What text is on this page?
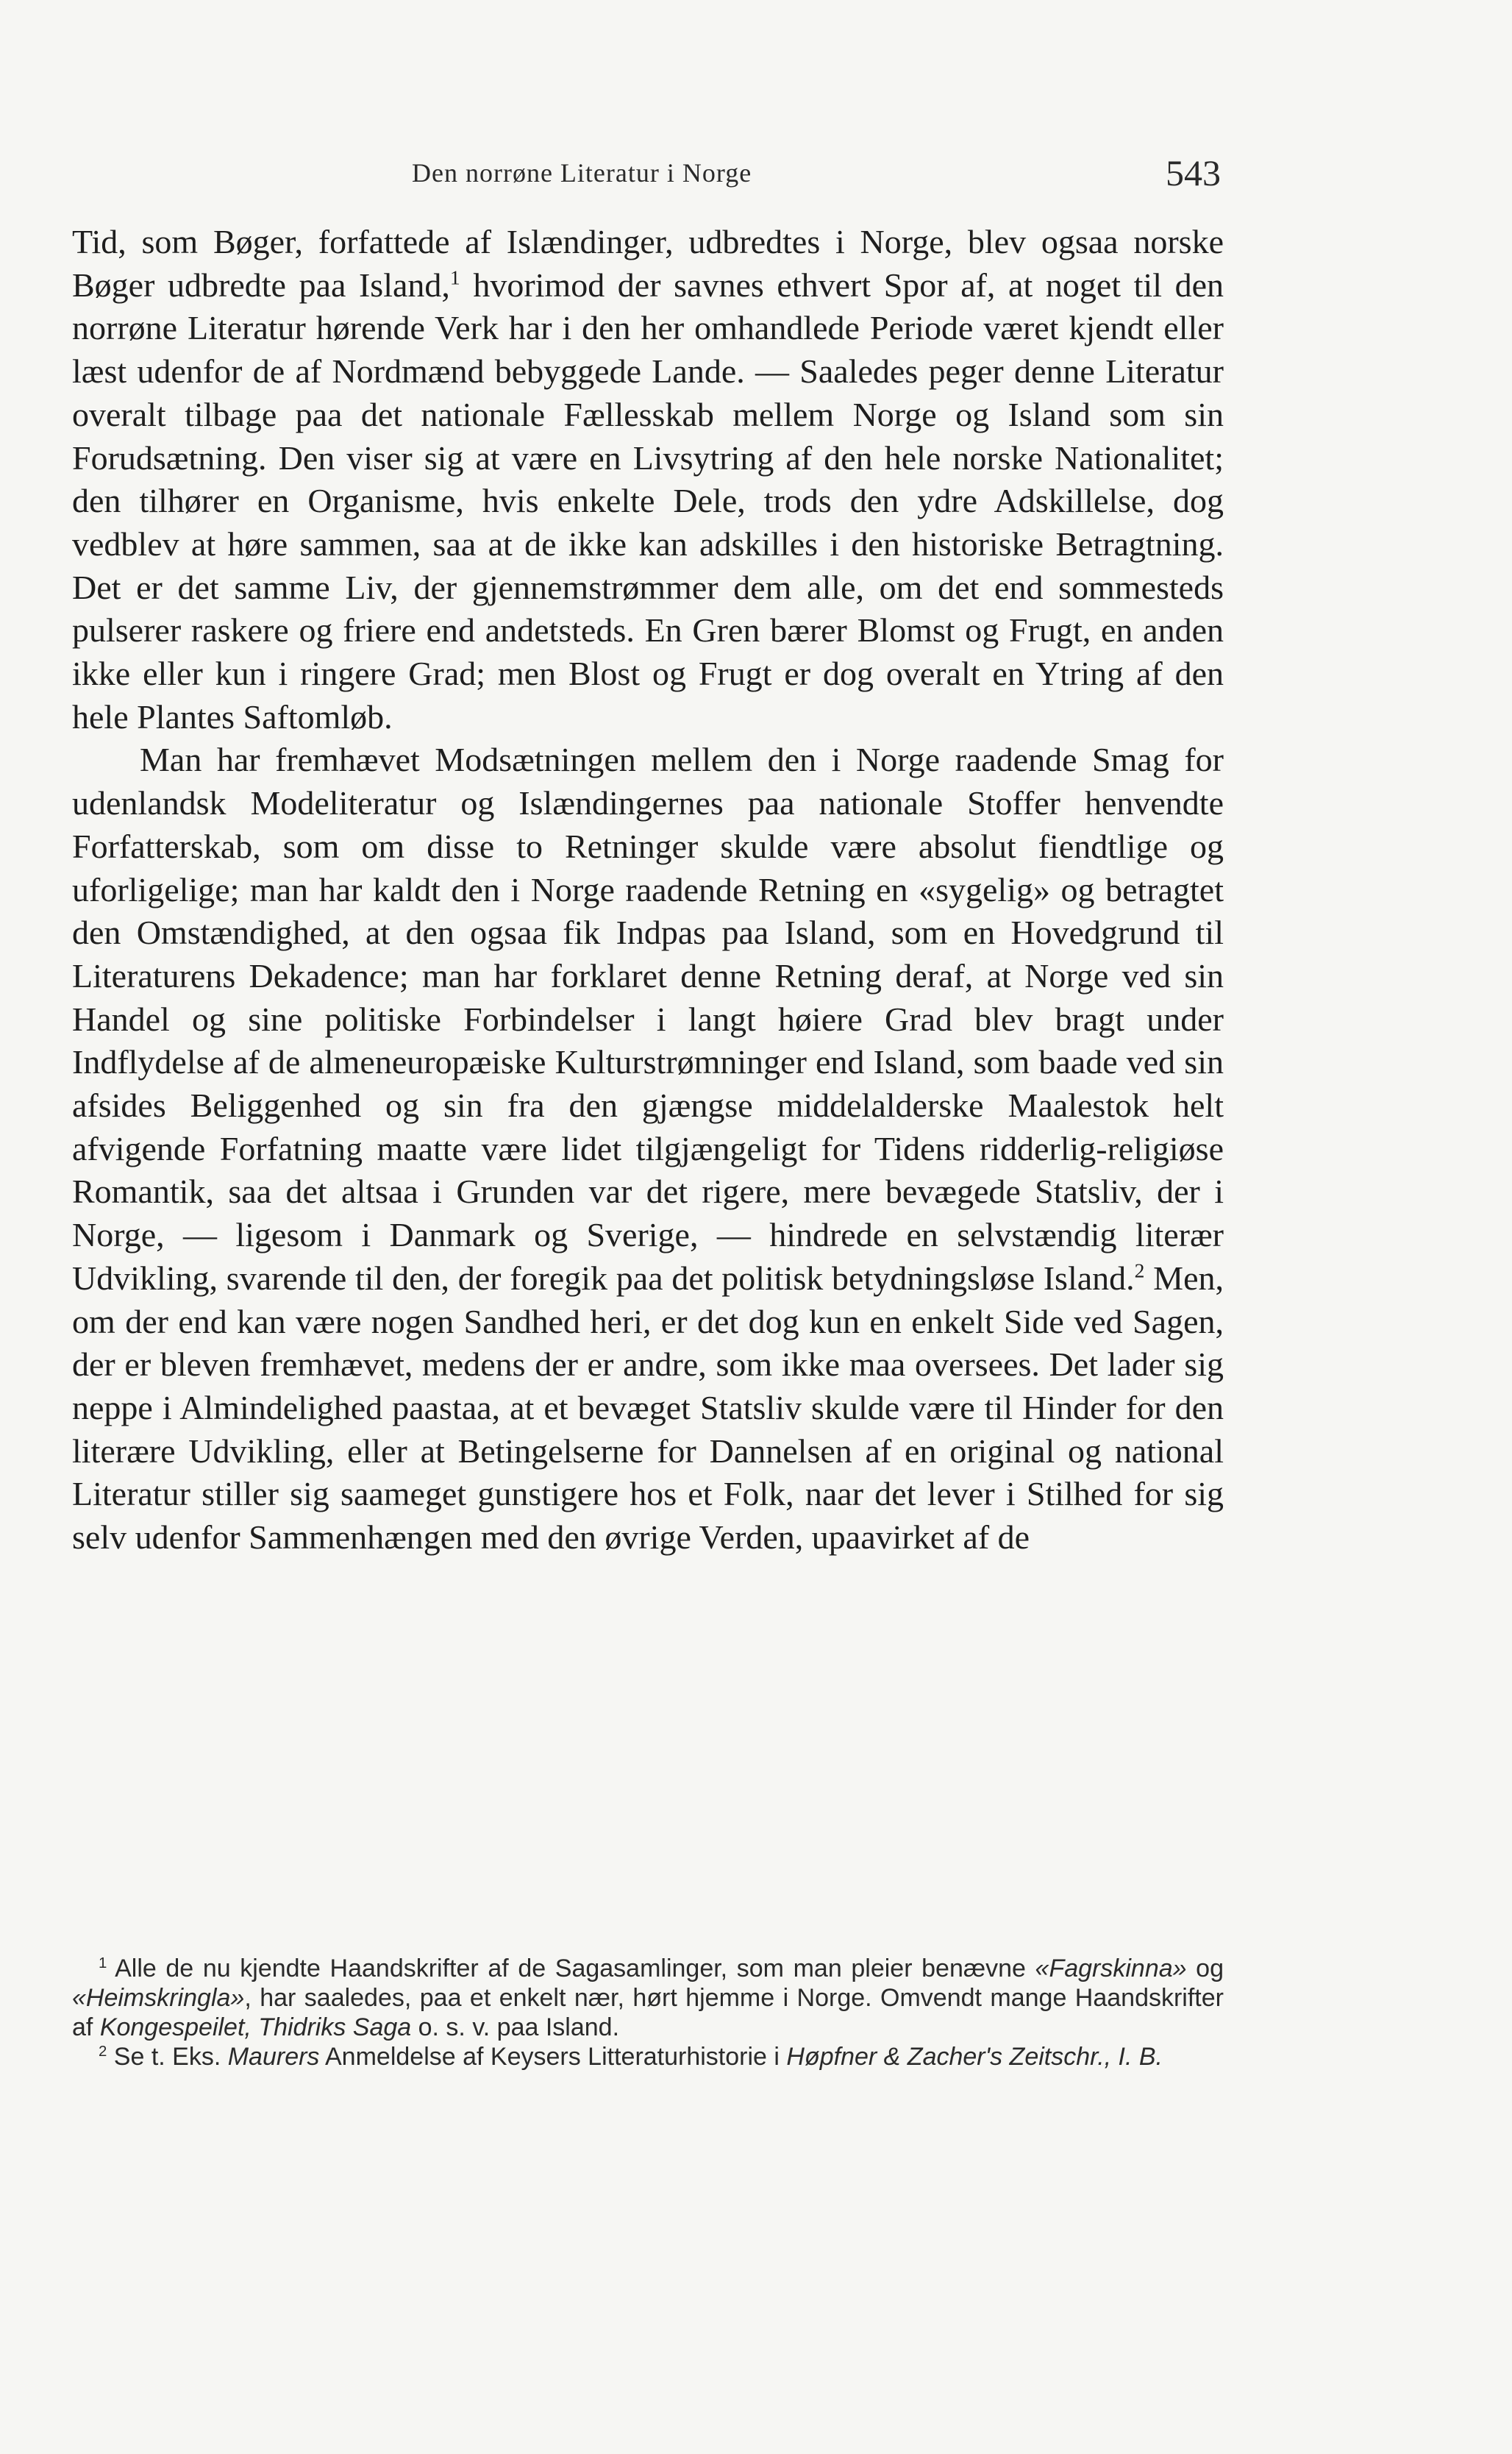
Den norrøne Literatur i Norge	543

Tid, som Bøger, forfattede af Islændinger, udbredtes i Norge, blev ogsaa norske Bøger udbredte paa Island,$^1$ hvorimod der savnes ethvert Spor af, at noget til den norrøne Literatur hørende Verk har i den her omhandlede Periode været kjendt eller læst udenfor de af Nordmænd bebyggede Lande. — Saaledes peger denne Literatur overalt tilbage paa det nationale Fællesskab mellem Norge og Island som sin Forudsætning. Den viser sig at være en Livsytring af den hele norske Nationalitet; den tilhører en Organisme, hvis enkelte Dele, trods den ydre Adskillelse, dog vedblev at høre sammen, saa at de ikke kan adskilles i den historiske Betragtning. Det er det samme Liv, der gjennemstrømmer dem alle, om det end sommesteds pulserer raskere og friere end andetsteds. En Gren bærer Blomst og Frugt, en anden ikke eller kun i ringere Grad; men Blost og Frugt er dog overalt en Ytring af den hele Plantes Saftomløb.

Man har fremhævet Modsætningen mellem den i Norge raadende Smag for udenlandsk Modeliteratur og Islændingernes paa nationale Stoffer henvendte Forfatterskab, som om disse to Retninger skulde være absolut fiendtlige og uforligelige; man har kaldt den i Norge raadende Retning en «sygelig» og betragtet den Omstændighed, at den ogsaa fik Indpas paa Island, som en Hovedgrund til Literaturens Dekadence; man har forklaret denne Retning deraf, at Norge ved sin Handel og sine politiske Forbindelser i langt høiere Grad blev bragt under Indflydelse af de almeneuropæiske Kulturstrømninger end Island, som baade ved sin afsides Beliggenhed og sin fra den gjængse middelalderske Maalestok helt afvigende Forfatning maatte være lidet tilgjængeligt for Tidens ridderlig-religiøse Romantik, saa det altsaa i Grunden var det rigere, mere bevægede Statsliv, der i Norge, — ligesom i Danmark og Sverige, — hindrede en selvstændig literær Udvikling, svarende til den, der foregik paa det politisk betydningsløse Island.$^2$ Men, om der end kan være nogen Sandhed heri, er det dog kun en enkelt Side ved Sagen, der er bleven fremhævet, medens der er andre, som ikke maa oversees. Det lader sig neppe i Almindelighed paastaa, at et bevæget Statsliv skulde være til Hinder for den literære Udvikling, eller at Betingelserne for Dannelsen af en original og national Literatur stiller sig saameget gunstigere hos et Folk, naar det lever i Stilhed for sig selv udenfor Sammenhængen med den øvrige Verden, upaavirket af de

$^1$ Alle de nu kjendte Haandskrifter af de Sagasamlinger, som man pleier benævne «Fagrskinna» og «Heimskringla», har saaledes, paa et enkelt nær, hørt hjemme i Norge. Omvendt mange Haandskrifter af Kongespeilet, Thidriks Saga o. s. v. paa Island.

$^2$ Se t. Eks. Maurers Anmeldelse af Keysers Litteraturhistorie i Høpfner & Zacher's Zeitschr., I. B.
